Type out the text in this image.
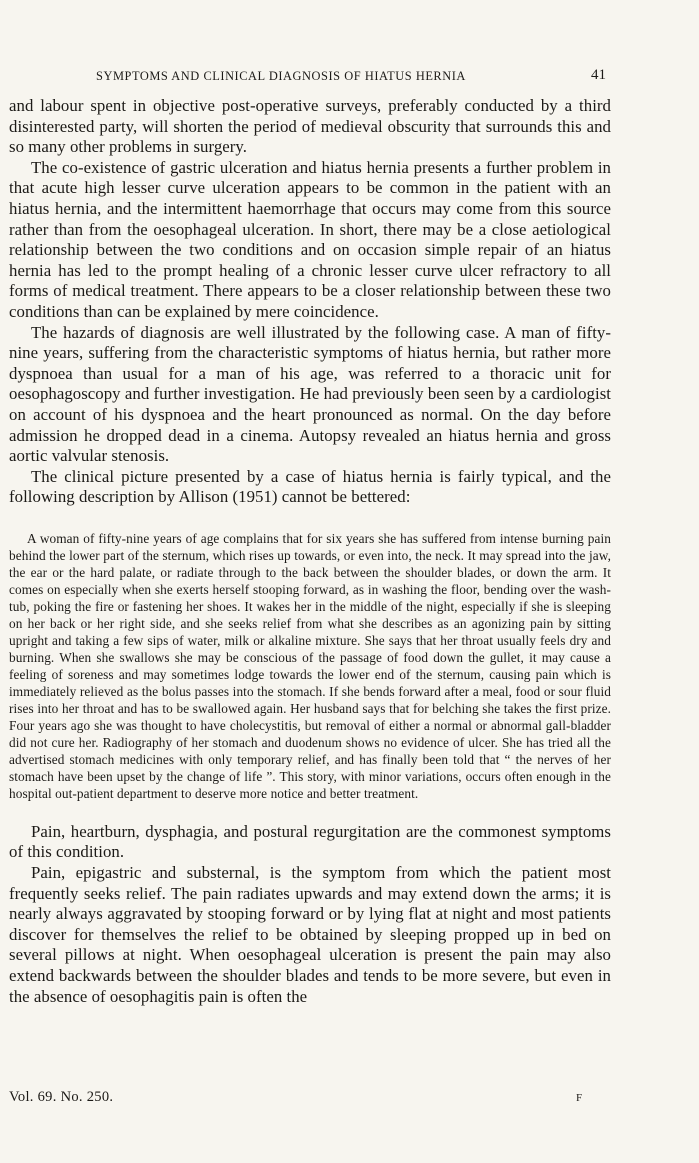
SYMPTOMS AND CLINICAL DIAGNOSIS OF HIATUS HERNIA	41

and labour spent in objective post-operative surveys, preferably conducted by a third disinterested party, will shorten the period of medieval obscurity that surrounds this and so many other problems in surgery.

The co-existence of gastric ulceration and hiatus hernia presents a further problem in that acute high lesser curve ulceration appears to be common in the patient with an hiatus hernia, and the intermittent haemorrhage that occurs may come from this source rather than from the oesophageal ulceration. In short, there may be a close aetiological relationship between the two conditions and on occasion simple repair of an hiatus hernia has led to the prompt healing of a chronic lesser curve ulcer refractory to all forms of medical treatment. There appears to be a closer relationship between these two conditions than can be explained by mere coincidence.

The hazards of diagnosis are well illustrated by the following case. A man of fifty-nine years, suffering from the characteristic symptoms of hiatus hernia, but rather more dyspnoea than usual for a man of his age, was referred to a thoracic unit for oesophagoscopy and further investigation. He had previously been seen by a cardiologist on account of his dyspnoea and the heart pronounced as normal. On the day before admission he dropped dead in a cinema. Autopsy revealed an hiatus hernia and gross aortic valvular stenosis.

The clinical picture presented by a case of hiatus hernia is fairly typical, and the following description by Allison (1951) cannot be bettered:

A woman of fifty-nine years of age complains that for six years she has suffered from intense burning pain behind the lower part of the sternum, which rises up towards, or even into, the neck. It may spread into the jaw, the ear or the hard palate, or radiate through to the back between the shoulder blades, or down the arm. It comes on especially when she exerts herself stooping forward, as in washing the floor, bending over the wash-tub, poking the fire or fastening her shoes. It wakes her in the middle of the night, especially if she is sleeping on her back or her right side, and she seeks relief from what she describes as an agonizing pain by sitting upright and taking a few sips of water, milk or alkaline mixture. She says that her throat usually feels dry and burning. When she swallows she may be conscious of the passage of food down the gullet, it may cause a feeling of soreness and may sometimes lodge towards the lower end of the sternum, causing pain which is immediately relieved as the bolus passes into the stomach. If she bends forward after a meal, food or sour fluid rises into her throat and has to be swallowed again. Her husband says that for belching she takes the first prize. Four years ago she was thought to have cholecystitis, but removal of either a normal or abnormal gall-bladder did not cure her. Radiography of her stomach and duodenum shows no evidence of ulcer. She has tried all the advertised stomach medicines with only temporary relief, and has finally been told that “ the nerves of her stomach have been upset by the change of life ”. This story, with minor variations, occurs often enough in the hospital out-patient department to deserve more notice and better treatment.

Pain, heartburn, dysphagia, and postural regurgitation are the commonest symptoms of this condition.

Pain, epigastric and substernal, is the symptom from which the patient most frequently seeks relief. The pain radiates upwards and may extend down the arms; it is nearly always aggravated by stooping forward or by lying flat at night and most patients discover for themselves the relief to be obtained by sleeping propped up in bed on several pillows at night. When oesophageal ulceration is present the pain may also extend backwards between the shoulder blades and tends to be more severe, but even in the absence of oesophagitis pain is often the

Vol. 69. No. 250.	F
